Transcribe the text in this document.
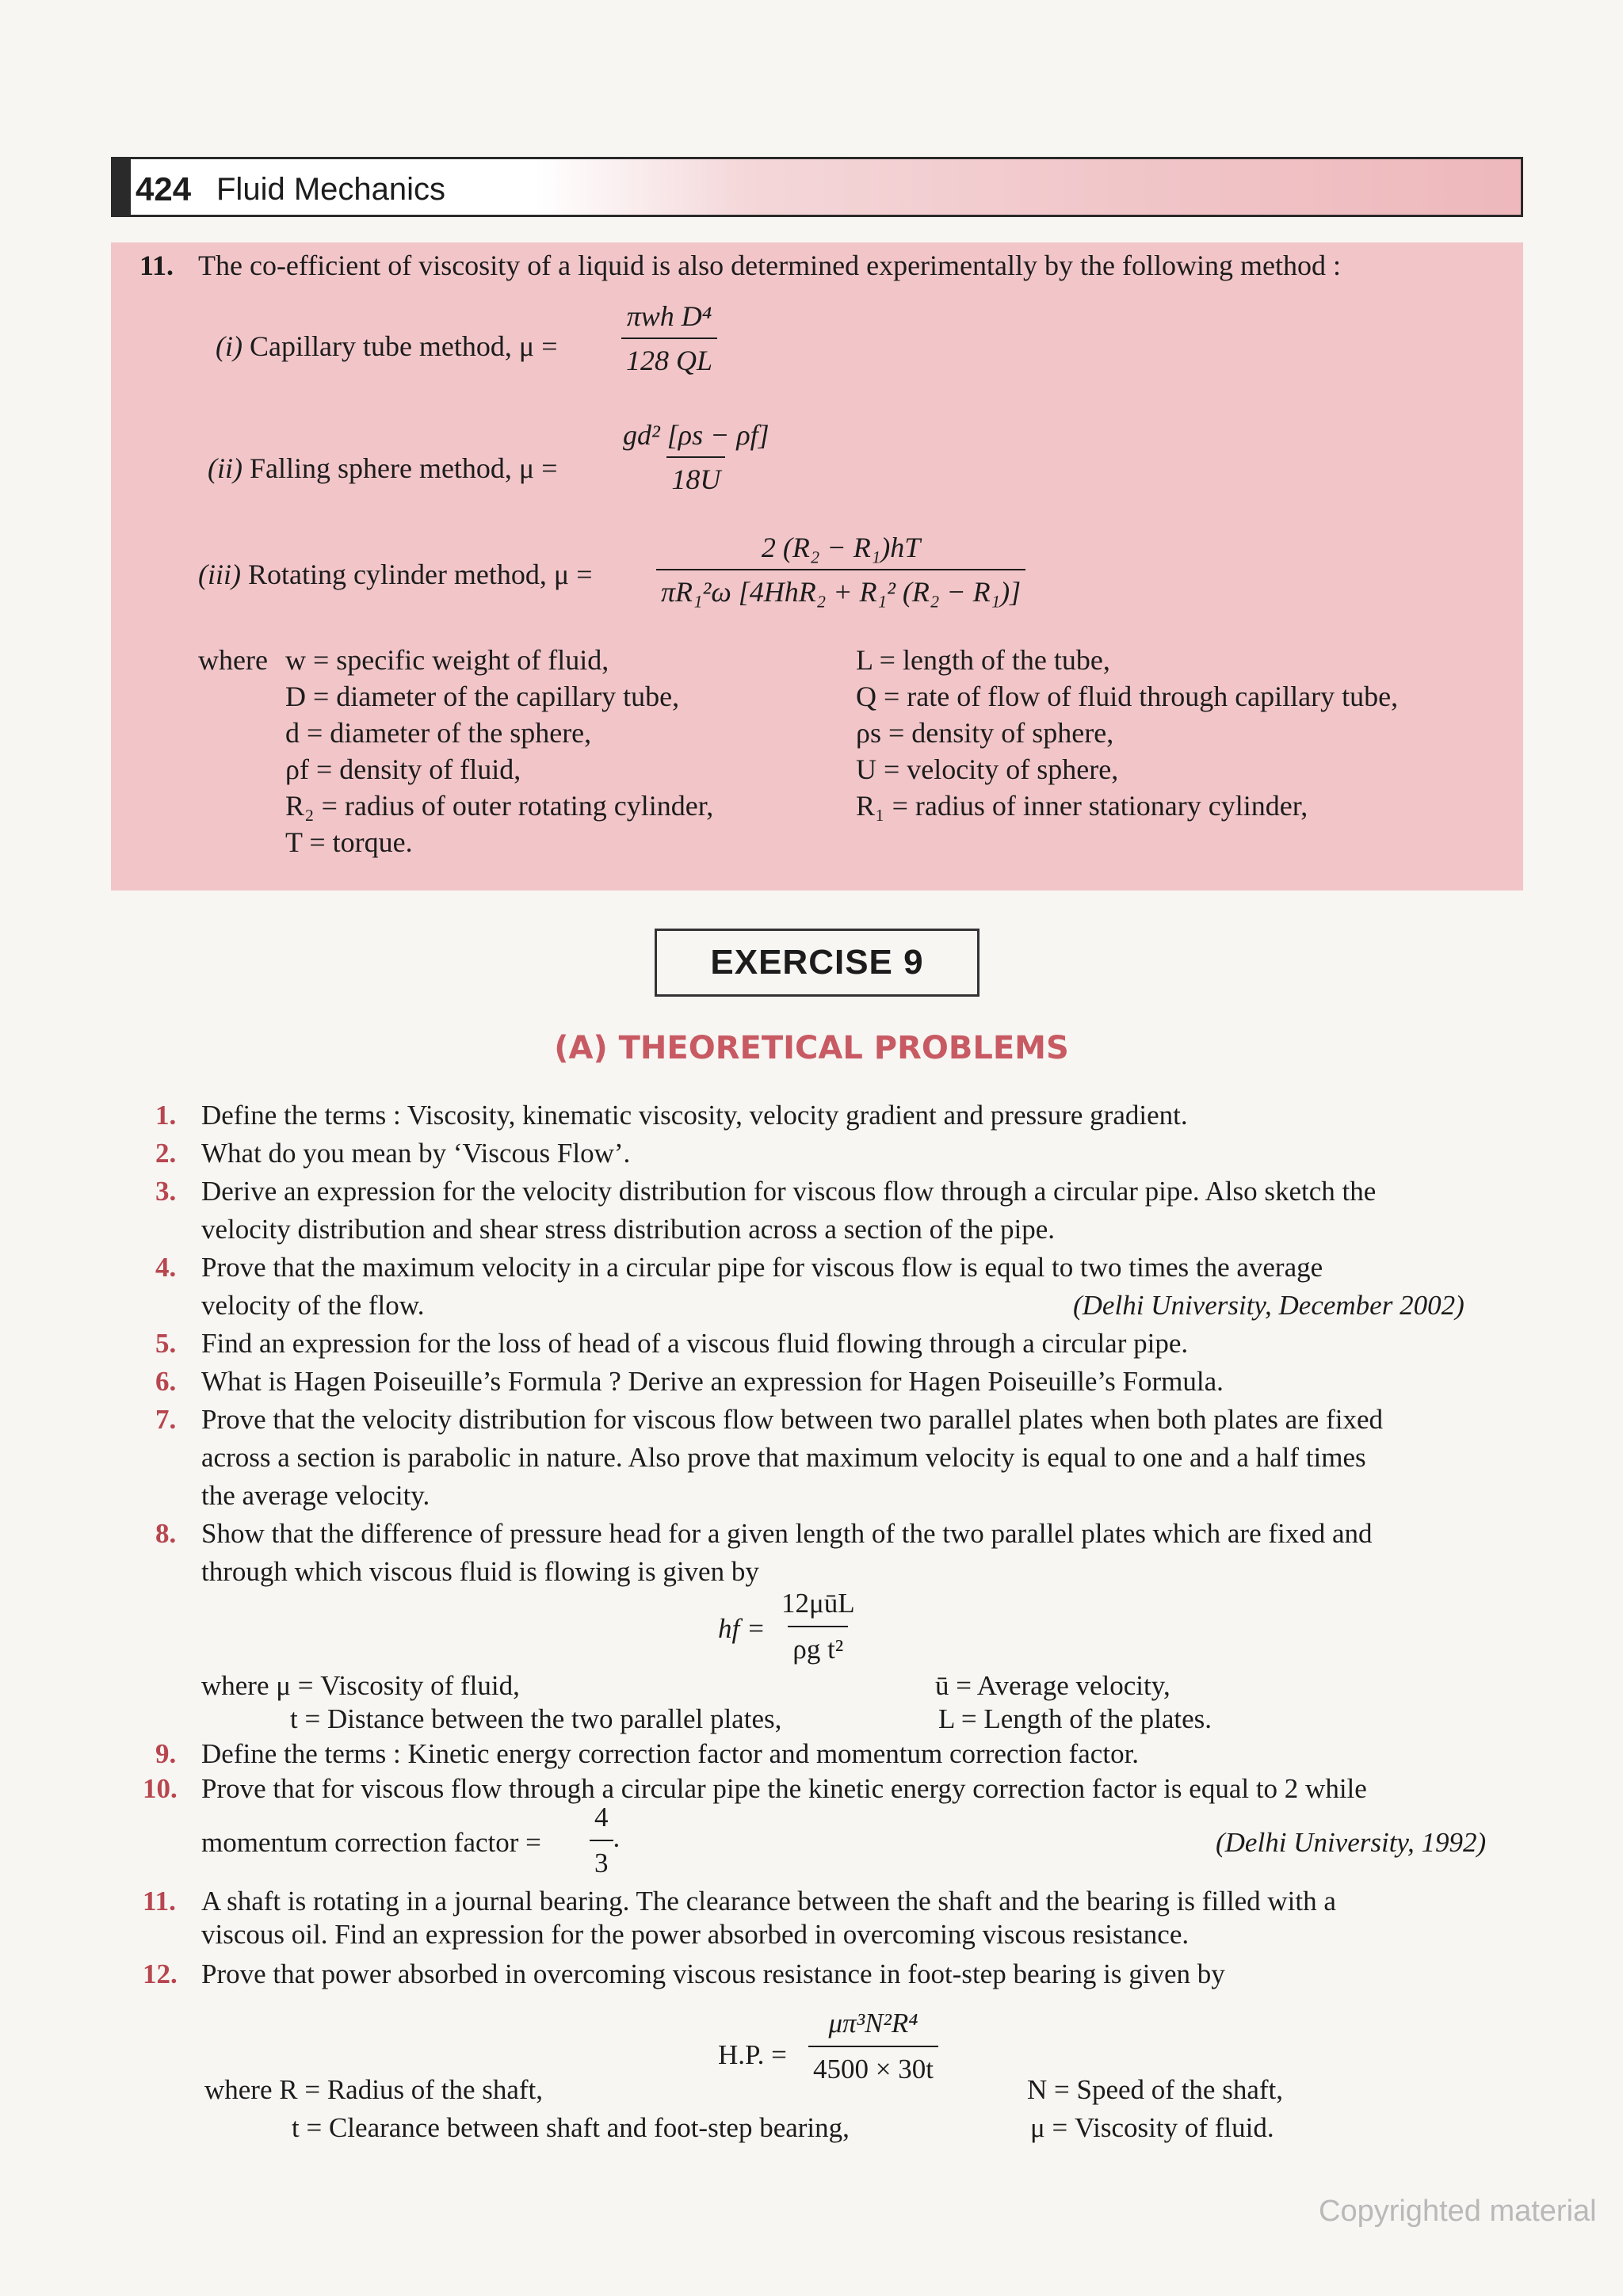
424 Fluid Mechanics
11. The co-efficient of viscosity of a liquid is also determined experimentally by the following method :
(i) Capillary tube method, $\mu = \frac{\text{πwh D⁴}}{128 QL}$
(ii) Falling sphere method, $\mu = \frac{\text{gd² [ρs − ρf]}}{18U}$
(iii) Rotating cylinder method, $\mu = \frac{\text{2 (R₂ − R₁)hT}}{\text{πR₁²ω [4HhR₂ + R₁² (R₂ − R₁)]}}$
where w = specific weight of fluid,
D = diameter of the capillary tube,
d = diameter of the sphere,
ρf = density of fluid,
R₂ = radius of outer rotating cylinder,
T = torque.
L = length of the tube,
Q = rate of flow of fluid through capillary tube,
ρs = density of sphere,
U = velocity of sphere,
R₁ = radius of inner stationary cylinder,
EXERCISE 9
(A) THEORETICAL PROBLEMS
1. Define the terms : Viscosity, kinematic viscosity, velocity gradient and pressure gradient.
2. What do you mean by ‘Viscous Flow’.
3. Derive an expression for the velocity distribution for viscous flow through a circular pipe. Also sketch the
velocity distribution and shear stress distribution across a section of the pipe.
4. Prove that the maximum velocity in a circular pipe for viscous flow is equal to two times the average
velocity of the flow.	(Delhi University, December 2002)
5. Find an expression for the loss of head of a viscous fluid flowing through a circular pipe.
6. What is Hagen Poiseuille’s Formula ? Derive an expression for Hagen Poiseuille’s Formula.
7. Prove that the velocity distribution for viscous flow between two parallel plates when both plates are fixed
across a section is parabolic in nature. Also prove that maximum velocity is equal to one and a half times
the average velocity.
8. Show that the difference of pressure head for a given length of the two parallel plates which are fixed and
through which viscous fluid is flowing is given by
hf = $\frac{\text{12μūL}}{\text{ρg t²}}$
where μ = Viscosity of fluid,
t = Distance between the two parallel plates,
ū = Average velocity,
L = Length of the plates.
9. Define the terms : Kinetic energy correction factor and momentum correction factor.
10. Prove that for viscous flow through a circular pipe the kinetic energy correction factor is equal to 2 while
momentum correction factor = $\frac{4}{3}$ .	(Delhi University, 1992)
11. A shaft is rotating in a journal bearing. The clearance between the shaft and the bearing is filled with a
viscous oil. Find an expression for the power absorbed in overcoming viscous resistance.
12. Prove that power absorbed in overcoming viscous resistance in foot-step bearing is given by
H.P. = $\frac{\text{μπ³N²R⁴}}{4500 \times 30t}$
where R = Radius of the shaft,
t = Clearance between shaft and foot-step bearing,
N = Speed of the shaft,
μ = Viscosity of fluid.
Copyrighted material
